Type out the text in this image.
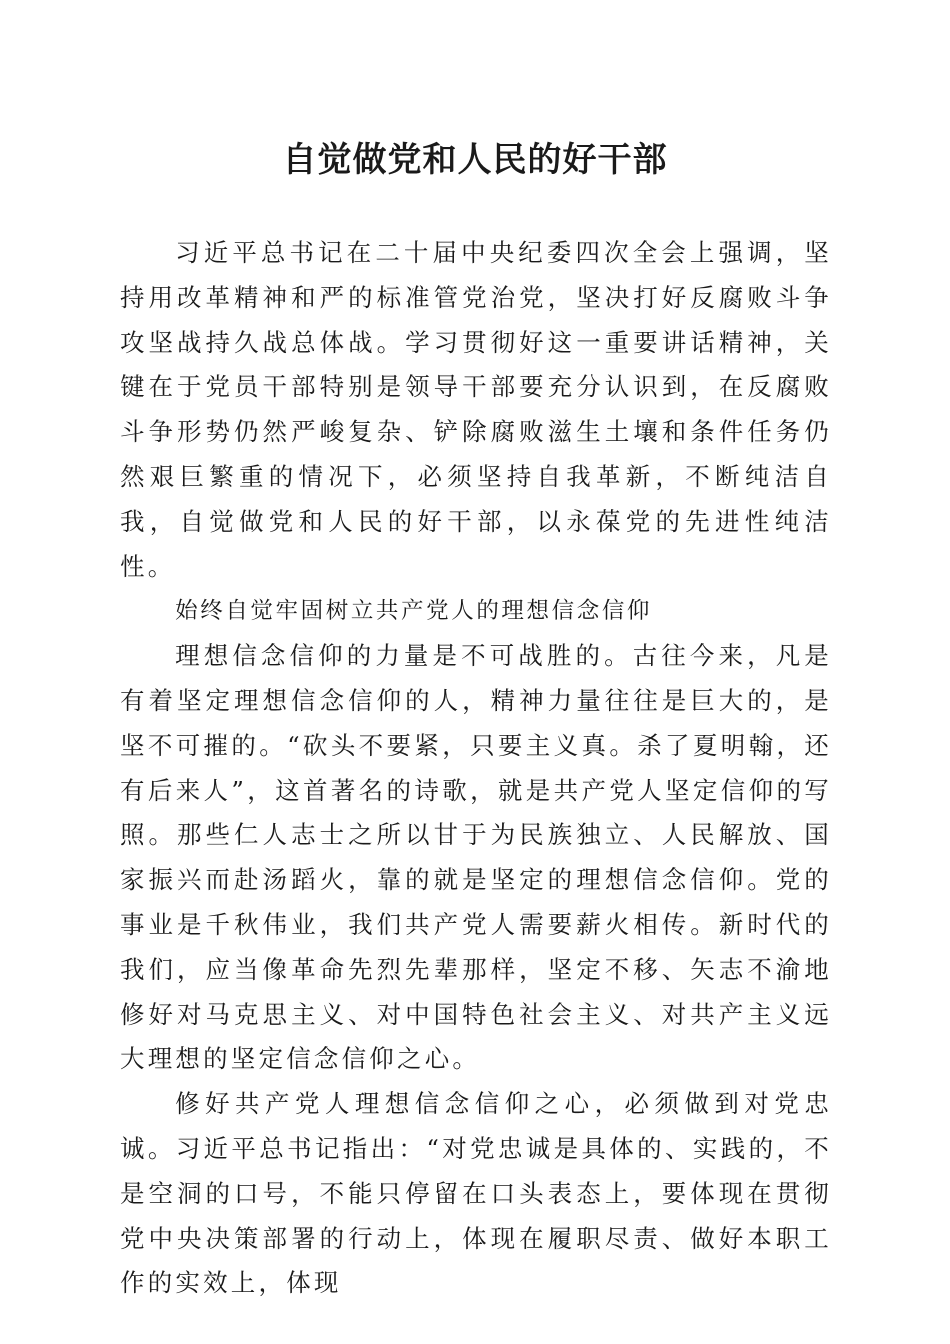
自觉做党和人民的好干部

习近平总书记在二十届中央纪委四次全会上强调，坚持用改革精神和严的标准管党治党，坚决打好反腐败斗争攻坚战持久战总体战。学习贯彻好这一重要讲话精神，关键在于党员干部特别是领导干部要充分认识到，在反腐败斗争形势仍然严峻复杂、铲除腐败滋生土壤和条件任务仍然艰巨繁重的情况下，必须坚持自我革新，不断纯洁自我，自觉做党和人民的好干部，以永葆党的先进性纯洁性。

始终自觉牢固树立共产党人的理想信念信仰

理想信念信仰的力量是不可战胜的。古往今来，凡是有着坚定理想信念信仰的人，精神力量往往是巨大的，是坚不可摧的。“砍头不要紧，只要主义真。杀了夏明翰，还有后来人”，这首著名的诗歌，就是共产党人坚定信仰的写照。那些仁人志士之所以甘于为民族独立、人民解放、国家振兴而赴汤蹈火，靠的就是坚定的理想信念信仰。党的事业是千秋伟业，我们共产党人需要薪火相传。新时代的我们，应当像革命先烈先辈那样，坚定不移、矢志不渝地修好对马克思主义、对中国特色社会主义、对共产主义远大理想的坚定信念信仰之心。

修好共产党人理想信念信仰之心，必须做到对党忠诚。习近平总书记指出：“对党忠诚是具体的、实践的，不是空洞的口号，不能只停留在口头表态上，要体现在贯彻党中央决策部署的行动上，体现在履职尽责、做好本职工作的实效上，体现
